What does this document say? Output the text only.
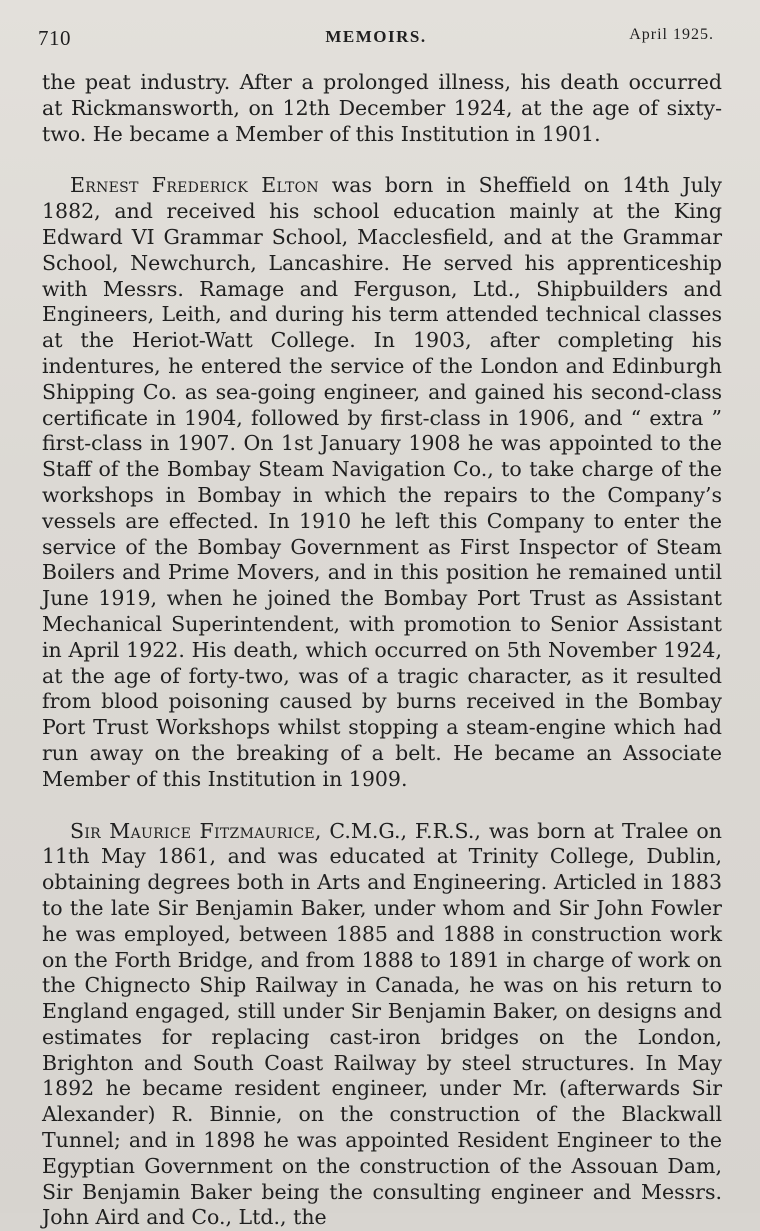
710	MEMOIRS.	April 1925.

the peat industry. After a prolonged illness, his death occurred at Rickmansworth, on 12th December 1924, at the age of sixty-two. He became a Member of this Institution in 1901.

Ernest Frederick Elton was born in Sheffield on 14th July 1882, and received his school education mainly at the King Edward VI Grammar School, Macclesfield, and at the Grammar School, Newchurch, Lancashire. He served his apprenticeship with Messrs. Ramage and Ferguson, Ltd., Shipbuilders and Engineers, Leith, and during his term attended technical classes at the Heriot-Watt College. In 1903, after completing his indentures, he entered the service of the London and Edinburgh Shipping Co. as sea-going engineer, and gained his second-class certificate in 1904, followed by first-class in 1906, and “ extra ” first-class in 1907. On 1st January 1908 he was appointed to the Staff of the Bombay Steam Navigation Co., to take charge of the workshops in Bombay in which the repairs to the Company’s vessels are effected. In 1910 he left this Company to enter the service of the Bombay Government as First Inspector of Steam Boilers and Prime Movers, and in this position he remained until June 1919, when he joined the Bombay Port Trust as Assistant Mechanical Superintendent, with promotion to Senior Assistant in April 1922. His death, which occurred on 5th November 1924, at the age of forty-two, was of a tragic character, as it resulted from blood poisoning caused by burns received in the Bombay Port Trust Workshops whilst stopping a steam-engine which had run away on the breaking of a belt. He became an Associate Member of this Institution in 1909.

Sir Maurice Fitzmaurice, C.M.G., F.R.S., was born at Tralee on 11th May 1861, and was educated at Trinity College, Dublin, obtaining degrees both in Arts and Engineering. Articled in 1883 to the late Sir Benjamin Baker, under whom and Sir John Fowler he was employed, between 1885 and 1888 in construction work on the Forth Bridge, and from 1888 to 1891 in charge of work on the Chignecto Ship Railway in Canada, he was on his return to England engaged, still under Sir Benjamin Baker, on designs and estimates for replacing cast-iron bridges on the London, Brighton and South Coast Railway by steel structures. In May 1892 he became resident engineer, under Mr. (afterwards Sir Alexander) R. Binnie, on the construction of the Blackwall Tunnel; and in 1898 he was appointed Resident Engineer to the Egyptian Government on the construction of the Assouan Dam, Sir Benjamin Baker being the consulting engineer and Messrs. John Aird and Co., Ltd., the
